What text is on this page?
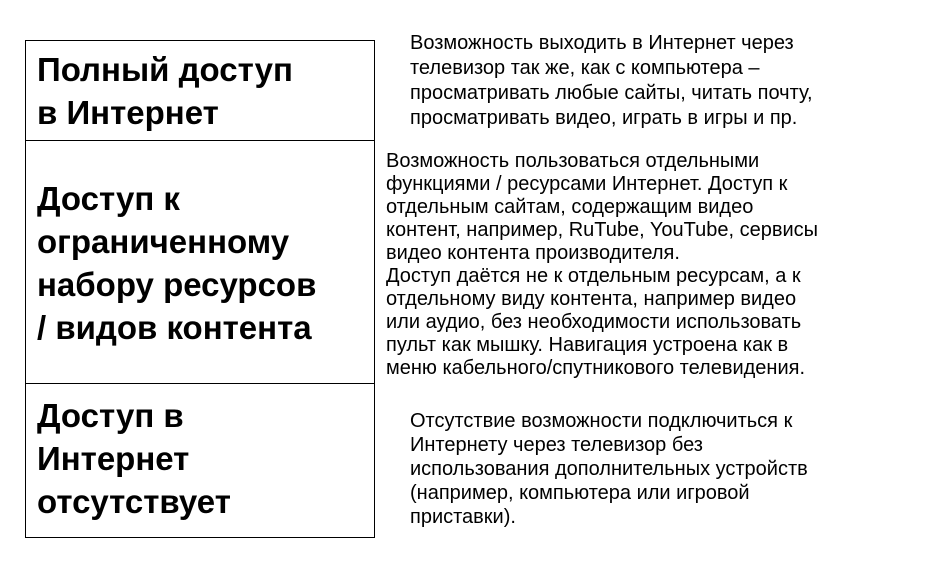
Полный доступ
в Интернет

Доступ к
ограниченному
набору ресурсов
/ видов контента

Доступ в
Интернет
отсутствует

Возможность выходить в Интернет через
телевизор так же, как с компьютера –
просматривать любые сайты, читать почту,
просматривать видео, играть в игры и пр.

Возможность пользоваться отдельными
функциями / ресурсами Интернет. Доступ к
отдельным сайтам, содержащим видео
контент, например, RuTube, YouTube, сервисы
видео контента производителя.
Доступ даётся не к отдельным ресурсам, а к
отдельному виду контента, например видео
или аудио, без необходимости использовать
пульт как мышку. Навигация устроена как в
меню кабельного/спутникового телевидения.

Отсутствие возможности подключиться к
Интернету через телевизор без
использования дополнительных устройств
(например, компьютера или игровой
приставки).
